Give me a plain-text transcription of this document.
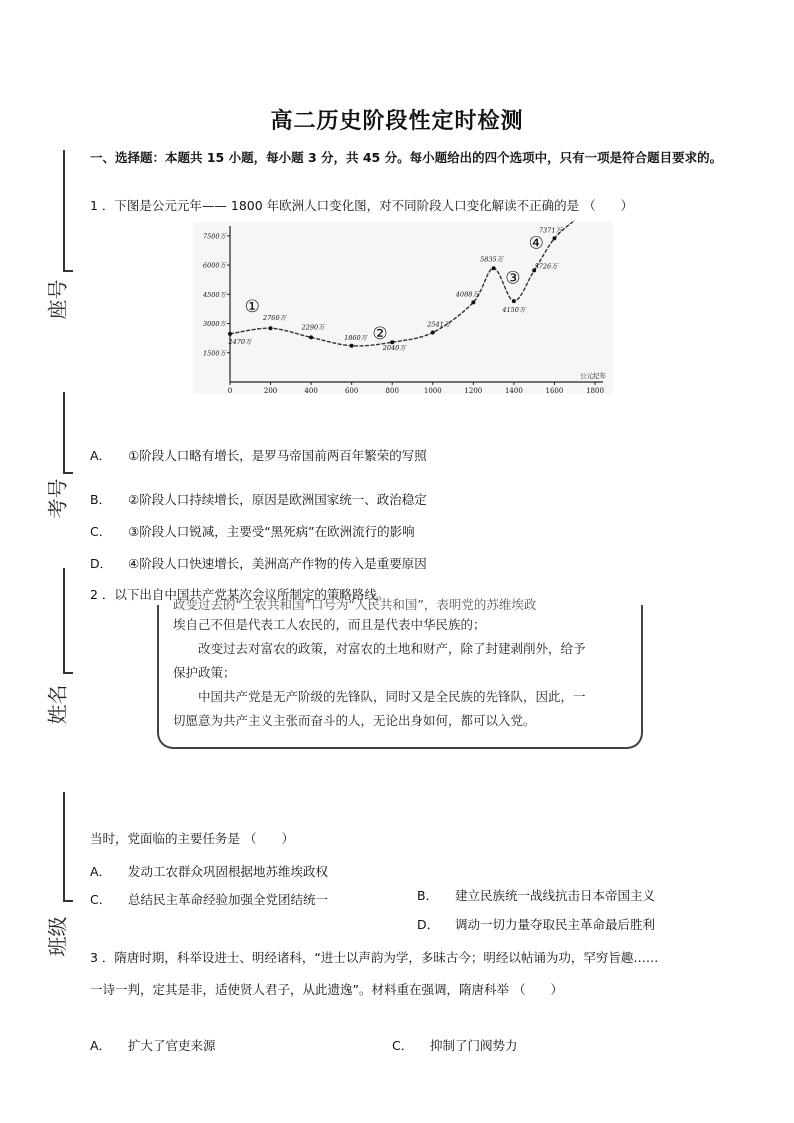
座号
考号
姓名
班级
高二历史阶段性定时检测
一、选择题：本题共 15 小题，每小题 3 分，共 45 分。每小题给出的四个选项中，只有一项是符合题目要求的。
1 ．下图是公元元年—— 1800 年欧洲人口变化图，对不同阶段人口变化解读不正确的是 （　　）
0	200	400	600	800	1000	1200	1400	1600	1800
1500万
3000万
4500万
6000万
7500万
公元纪年
2470万
2760万
2290万
1860万
2040万
2541万
4088万
5835万
4150万
5726万
7371万
①
②
③
④
A． ①阶段人口略有增长，是罗马帝国前两百年繁荣的写照
B． ②阶段人口持续增长，原因是欧洲国家统一、政治稳定
C． ③阶段人口锐减，主要受“黑死病”在欧洲流行的影响
D． ④阶段人口快速增长，美洲高产作物的传入是重要原因
2 ．以下出自中国共产党某次会议所制定的策略路线。
政变过去的“工农共和国”口号为“人民共和国”，表明党的苏维埃政

埃自己不但是代表工人农民的，而且是代表中华民族的；

　　改变过去对富农的政策，对富农的土地和财产，除了封建剥削外，给予

保护政策；

　　中国共产党是无产阶级的先锋队，同时又是全民族的先锋队，因此，一

切愿意为共产主义主张而奋斗的人，无论出身如何，都可以入党。

当时，党面临的主要任务是 （　　）
A． 发动工农群众巩固根据地苏维埃政权
B． 建立民族统一战线抗击日本帝国主义
C． 总结民主革命经验加强全党团结统一
D． 调动一切力量夺取民主革命最后胜利
3 ．隋唐时期，科举设进士、明经诸科，“进士以声韵为学，多昧古今；明经以帖诵为功，罕穷旨趣……
一诗一判，定其是非，适使贤人君子，从此遗逸”。材料重在强调，隋唐科举 （　　）
A． 扩大了官吏来源	C． 抑制了门阀势力
